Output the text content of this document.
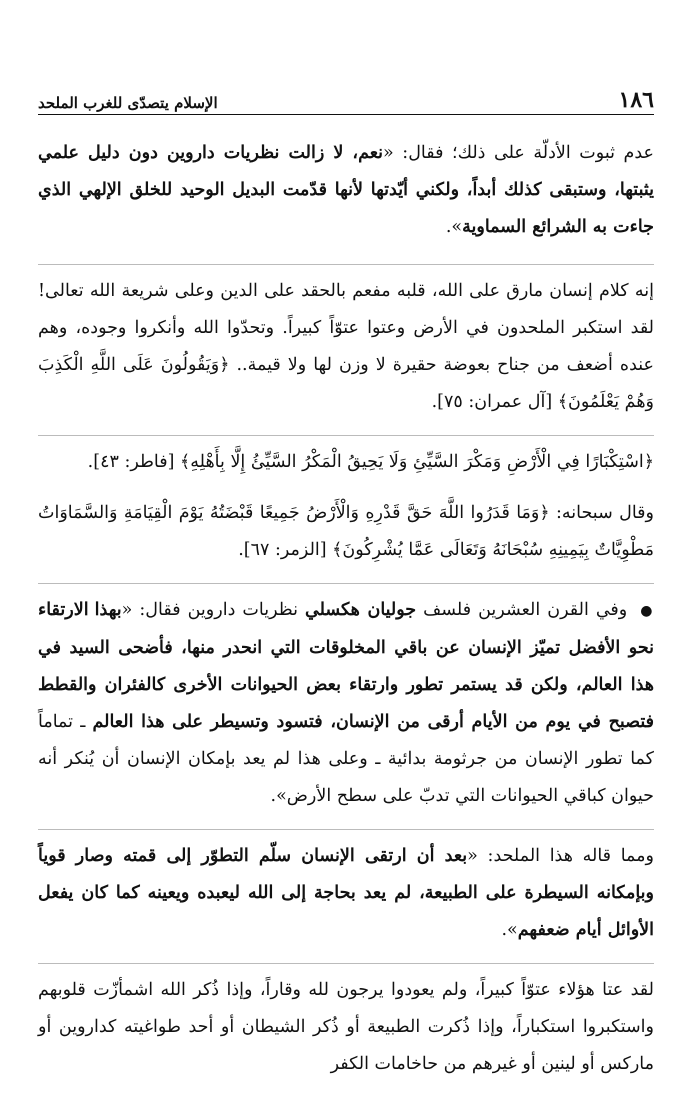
١٨٦
الإسلام يتصدّى للغرب الملحد

عدم ثبوت الأدلّة على ذلك؛ فقال: «نعم، لا زالت نظريات داروين دون دليل علمي يثبتها، وستبقى كذلك أبداً، ولكني أيّدتها لأنها قدّمت البديل الوحيد للخلق الإلهي الذي جاءت به الشرائع السماوية».

إنه كلام إنسان مارق على الله، قلبه مفعم بالحقد على الدين وعلى شريعة الله تعالى! لقد استكبر الملحدون في الأرض وعتوا عتوّاً كبيراً. وتحدّوا الله وأنكروا وجوده، وهم عنده أضعف من جناح بعوضة حقيرة لا وزن لها ولا قيمة.. ﴿وَيَقُولُونَ عَلَى اللَّهِ الْكَذِبَ وَهُمْ يَعْلَمُونَ﴾ [آل عمران: ٧٥].

﴿اسْتِكْبَارًا فِي الْأَرْضِ وَمَكْرَ السَّيِّئِ وَلَا يَحِيقُ الْمَكْرُ السَّيِّئُ إِلَّا بِأَهْلِهِ﴾ [فاطر: ٤٣].

وقال سبحانه: ﴿وَمَا قَدَرُوا اللَّهَ حَقَّ قَدْرِهِ وَالْأَرْضُ جَمِيعًا قَبْضَتُهُ يَوْمَ الْقِيَامَةِ وَالسَّمَاوَاتُ مَطْوِيَّاتٌ بِيَمِينِهِ سُبْحَانَهُ وَتَعَالَى عَمَّا يُشْرِكُونَ﴾ [الزمر: ٦٧].

● وفي القرن العشرين فلسف جوليان هكسلي نظريات داروين فقال: «بهذا الارتقاء نحو الأفضل تميّز الإنسان عن باقي المخلوقات التي انحدر منها، فأضحى السيد في هذا العالم، ولكن قد يستمر تطور وارتقاء بعض الحيوانات الأخرى كالفئران والقطط فتصبح في يوم من الأيام أرقى من الإنسان، فتسود وتسيطر على هذا العالم ـ تماماً كما تطور الإنسان من جرثومة بدائية ـ وعلى هذا لم يعد بإمكان الإنسان أن يُنكر أنه حيوان كباقي الحيوانات التي تدبّ على سطح الأرض».

ومما قاله هذا الملحد: «بعد أن ارتقى الإنسان سلّم التطوّر إلى قمته وصار قوياً وبإمكانه السيطرة على الطبيعة، لم يعد بحاجة إلى الله ليعبده ويعينه كما كان يفعل الأوائل أيام ضعفهم».

لقد عتا هؤلاء عتوّاً كبيراً، ولم يعودوا يرجون لله وقاراً، وإذا ذُكر الله اشمأزّت قلوبهم واستكبروا استكباراً، وإذا ذُكرت الطبيعة أو ذُكر الشيطان أو أحد طواغيته كداروين أو ماركس أو لينين أو غيرهم من حاخامات الكفر
